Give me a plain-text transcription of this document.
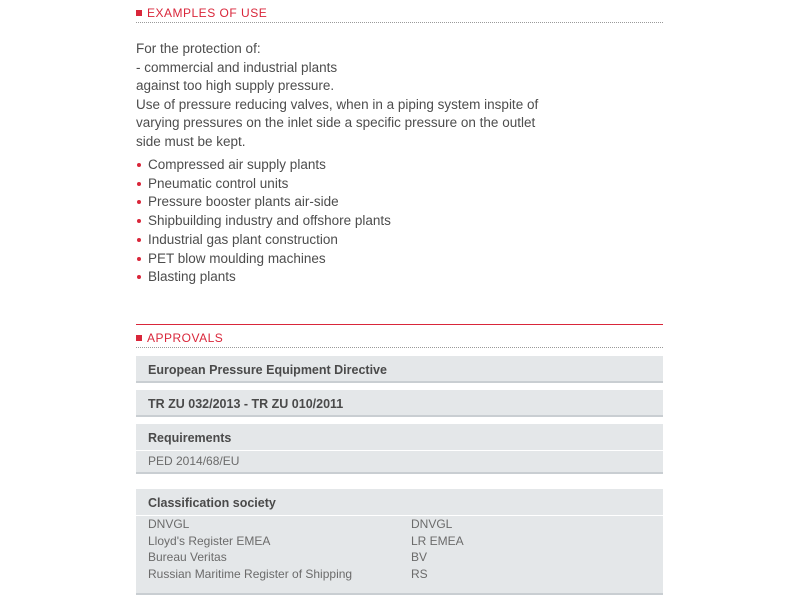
EXAMPLES OF USE
For the protection of:
- commercial and industrial plants
against too high supply pressure.
Use of pressure reducing valves, when in a piping system inspite of
varying pressures on the inlet side a specific pressure on the outlet
side must be kept.
Compressed air supply plants
Pneumatic control units
Pressure booster plants air-side
Shipbuilding industry and offshore plants
Industrial gas plant construction
PET blow moulding machines
Blasting plants
APPROVALS
European Pressure Equipment Directive
TR ZU 032/2013 - TR ZU 010/2011
Requirements
PED 2014/68/EU
Classification society
DNVGL	DNVGL
Lloyd's Register EMEA	LR EMEA
Bureau Veritas	BV
Russian Maritime Register of Shipping	RS
